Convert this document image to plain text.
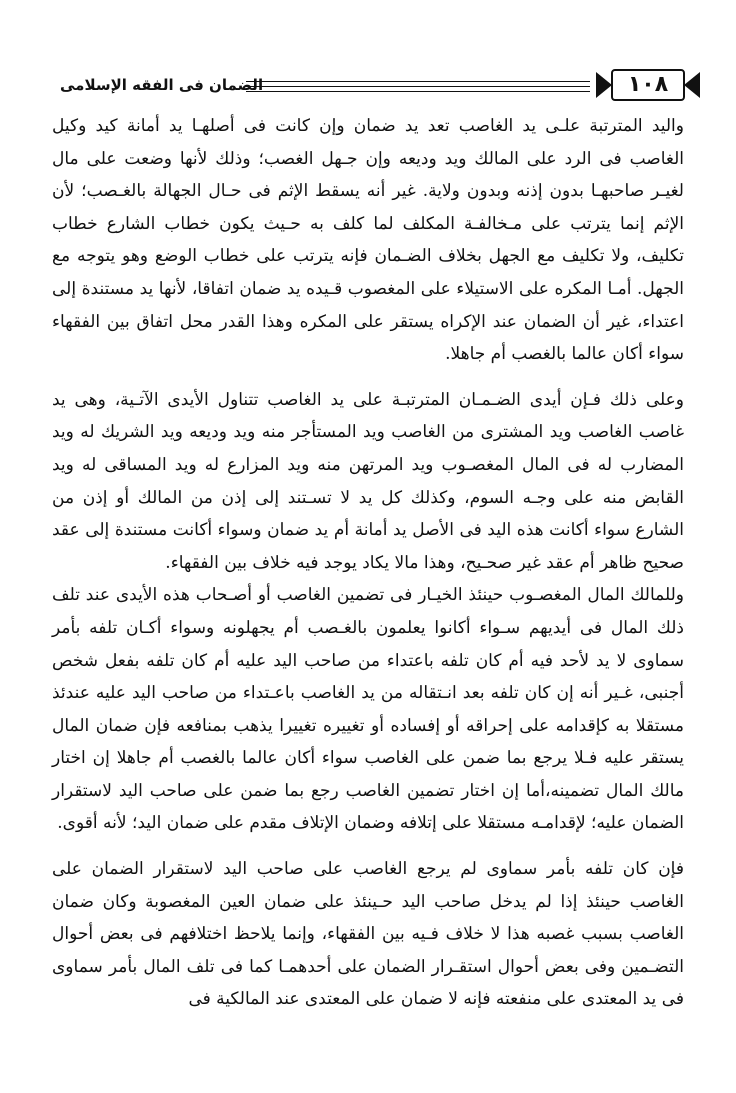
الضمان فى الفقه الإسلامى	١٠٨

واليد المترتبة علـى يد الغاصب تعد يد ضمان وإن كانت فى أصلهـا يد أمانة كيد وكيل الغاصب فى الرد على المالك ويد وديعه وإن جـهل الغصب؛ وذلك لأنها وضعت على مال لغيـر صاحبهـا بدون إذنه وبدون ولاية. غير أنه يسقط الإثم فى حـال الجهالة بالغـصب؛ لأن الإثم إنما يترتب على مـخالفـة المكلف لما كلف به حـيث يكون خطاب الشارع خطاب تكليف، ولا تكليف مع الجهل بخلاف الضـمان فإنه يترتب على خطاب الوضع وهو يتوجه مع الجهل. أمـا المكره على الاستيلاء على المغصوب قـيده يد ضمان اتفاقا، لأنها يد مستندة إلى اعتداء، غير أن الضمان عند الإكراه يستقر على المكره وهذا القدر محل اتفاق بين الفقهاء سواء أكان عالما بالغصب أم جاهلا.

وعلى ذلك فـإن أيدى الضـمـان المترتبـة على يد الغاصب تتناول الأيدى الآتـية، وهى يد غاصب الغاصب ويد المشترى من الغاصب ويد المستأجر منه ويد وديعه ويد الشريك له ويد المضارب له فى المال المغصـوب ويد المرتهن منه ويد المزارع له ويد المساقى له ويد القابض منه على وجـه السوم، وكذلك كل يد لا تسـتند إلى إذن من المالك أو إذن من الشارع سواء أكانت هذه اليد فى الأصل يد أمانة أم يد ضمان وسواء أكانت مستندة إلى عقد صحيح ظاهر أم عقد غير صحـيح، وهذا مالا يكاد يوجد فيه خلاف بين الفقهاء.

وللمالك المال المغصـوب حينئذ الخيـار فى تضمين الغاصب أو أصـحاب هذه الأيدى عند تلف ذلك المال فى أيديهم سـواء أكانوا يعلمون بالغـصب أم يجهلونه وسواء أكـان تلفه بأمر سماوى لا يد لأحد فيه أم كان تلفه باعتداء من صاحب اليد عليه أم كان تلفه بفعل شخص أجنبى، غـير أنه إن كان تلفه بعد انـتقاله من يد الغاصب باعـتداء من صاحب اليد عليه عندئذ مستقلا به كإقدامه على إحراقه أو إفساده أو تغييره تغييرا يذهب بمنافعه فإن ضمان المال يستقر عليه فـلا يرجع بما ضمن على الغاصب سواء أكان عالما بالغصب أم جاهلا إن اختار مالك المال تضمينه،أما إن اختار تضمين الغاصب رجع بما ضمن على صاحب اليد لاستقرار الضمان عليه؛ لإقدامـه مستقلا على إتلافه وضمان الإتلاف مقدم على ضمان اليد؛ لأنه أقوى.

فإن كان تلفه بأمر سماوى لم يرجع الغاصب على صاحب اليد لاستقرار الضمان على الغاصب حينئذ إذا لم يدخل صاحب اليد حـينئذ على ضمان العين المغصوبة وكان ضمان الغاصب بسبب غصبه هذا لا خلاف فـيه بين الفقهاء، وإنما يلاحظ اختلافهم فى بعض أحوال التضـمين وفى بعض أحوال استقـرار الضمان على أحدهمـا كما فى تلف المال بأمر سماوى فى يد المعتدى على منفعته فإنه لا ضمان على المعتدى عند المالكية فى
